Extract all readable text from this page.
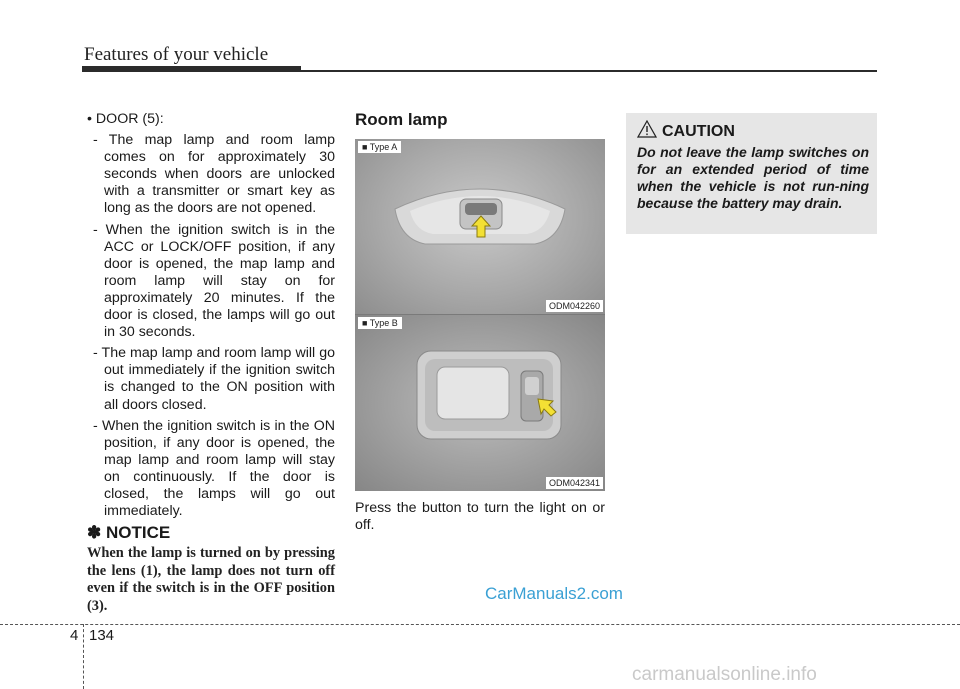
Features of your vehicle

• DOOR (5):

- The map lamp and room lamp comes on for approximately 30 seconds when doors are unlocked with a transmitter or smart key as long as the doors are not opened.

- When the ignition switch is in the ACC or LOCK/OFF position, if any door is opened, the map lamp and room lamp will stay on for approximately 20 minutes. If the door is closed, the lamps will go out in 30 seconds.

- The map lamp and room lamp will go out immediately if the ignition switch is changed to the ON position with all doors closed.

- When the ignition switch is in the ON position, if any door is opened, the map lamp and room lamp will stay on continuously. If the door is closed, the lamps will go out immediately.

✽ NOTICE
When the lamp is turned on by pressing the lens (1), the lamp does not turn off even if the switch is in the OFF position (3).
Room lamp
■ Type A
ODM042260
■ Type B
ODM042341
Press the button to turn the light on or off.
CAUTION
Do not leave the lamp switches on for an extended period of time when the vehicle is not run-ning because the battery may drain.
CarManuals2.com
4 134
carmanualsonline.info
